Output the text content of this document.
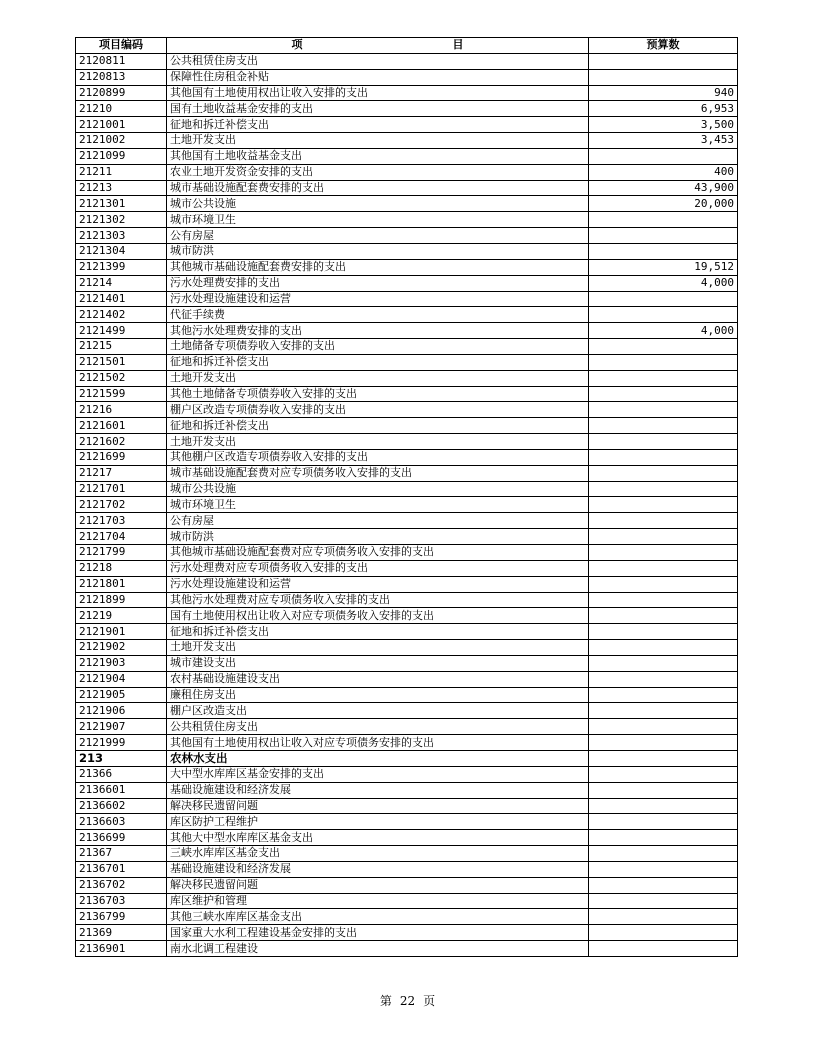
项目编码	项 目	预算数
2120811	公共租赁住房支出	
2120813	保障性住房租金补贴	
2120899	其他国有土地使用权出让收入安排的支出	940
21210	国有土地收益基金安排的支出	6,953
2121001	征地和拆迁补偿支出	3,500
2121002	土地开发支出	3,453
2121099	其他国有土地收益基金支出	
21211	农业土地开发资金安排的支出	400
21213	城市基础设施配套费安排的支出	43,900
2121301	城市公共设施	20,000
2121302	城市环境卫生	
2121303	公有房屋	
2121304	城市防洪	
2121399	其他城市基础设施配套费安排的支出	19,512
21214	污水处理费安排的支出	4,000
2121401	污水处理设施建设和运营	
2121402	代征手续费	
2121499	其他污水处理费安排的支出	4,000
21215	土地储备专项债券收入安排的支出	
2121501	征地和拆迁补偿支出	
2121502	土地开发支出	
2121599	其他土地储备专项债券收入安排的支出	
21216	棚户区改造专项债券收入安排的支出	
2121601	征地和拆迁补偿支出	
2121602	土地开发支出	
2121699	其他棚户区改造专项债券收入安排的支出	
21217	城市基础设施配套费对应专项债务收入安排的支出	
2121701	城市公共设施	
2121702	城市环境卫生	
2121703	公有房屋	
2121704	城市防洪	
2121799	其他城市基础设施配套费对应专项债务收入安排的支出	
21218	污水处理费对应专项债务收入安排的支出	
2121801	污水处理设施建设和运营	
2121899	其他污水处理费对应专项债务收入安排的支出	
21219	国有土地使用权出让收入对应专项债务收入安排的支出	
2121901	征地和拆迁补偿支出	
2121902	土地开发支出	
2121903	城市建设支出	
2121904	农村基础设施建设支出	
2121905	廉租住房支出	
2121906	棚户区改造支出	
2121907	公共租赁住房支出	
2121999	其他国有土地使用权出让收入对应专项债务安排的支出	
213	农林水支出	
21366	大中型水库库区基金安排的支出	
2136601	基础设施建设和经济发展	
2136602	解决移民遗留问题	
2136603	库区防护工程维护	
2136699	其他大中型水库库区基金支出	
21367	三峡水库库区基金支出	
2136701	基础设施建设和经济发展	
2136702	解决移民遗留问题	
2136703	库区维护和管理	
2136799	其他三峡水库库区基金支出	
21369	国家重大水利工程建设基金安排的支出	
2136901	南水北调工程建设	
第 22 页
